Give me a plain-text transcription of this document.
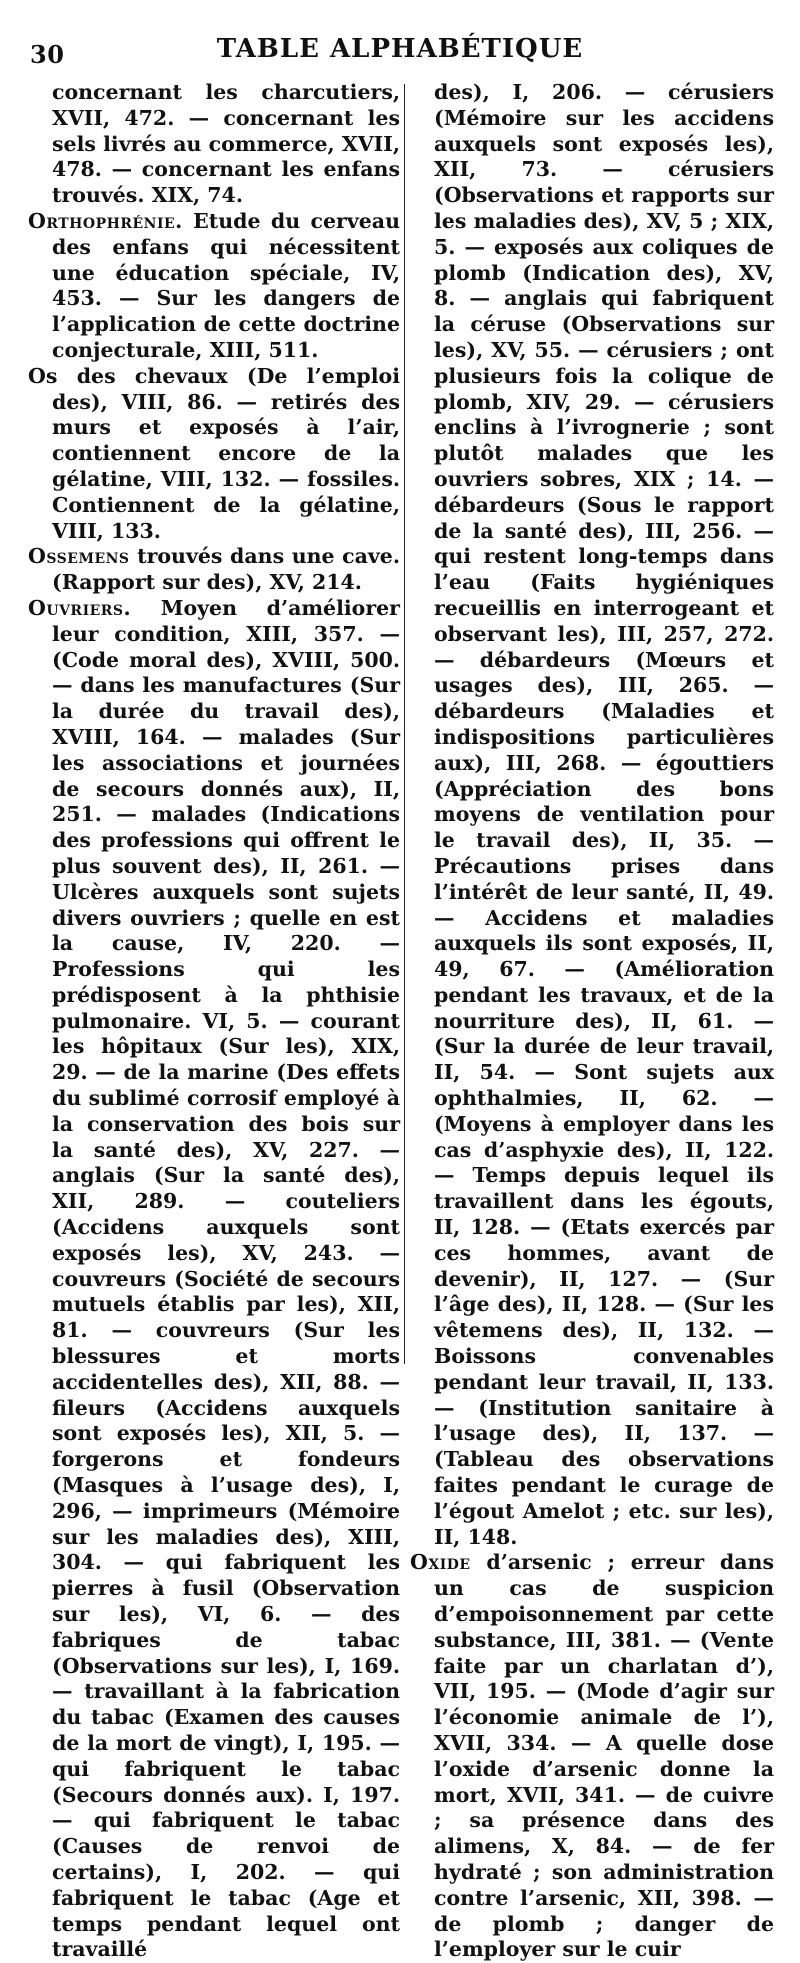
30	TABLE ALPHABÉTIQUE

concernant les charcutiers, XVII, 472. — concernant les sels livrés au commerce, XVII, 478. — concernant les enfans trouvés. XIX, 74.

Orthophrénie. Etude du cerveau des enfans qui nécessitent une éducation spéciale, IV, 453. — Sur les dangers de l’application de cette doctrine conjecturale, XIII, 511.

Os des chevaux (De l’emploi des), VIII, 86. — retirés des murs et exposés à l’air, contiennent encore de la gélatine, VIII, 132. — fossiles. Contiennent de la gélatine, VIII, 133.

Ossemens trouvés dans une cave. (Rapport sur des), XV, 214.

Ouvriers. Moyen d’améliorer leur condition, XIII, 357. — (Code moral des), XVIII, 500. — dans les manufactures (Sur la durée du travail des), XVIII, 164. — malades (Sur les associations et journées de secours donnés aux), II, 251. — malades (Indications des professions qui offrent le plus souvent des), II, 261. — Ulcères auxquels sont sujets divers ouvriers ; quelle en est la cause, IV, 220. — Professions qui les prédisposent à la phthisie pulmonaire. VI, 5. — courant les hôpitaux (Sur les), XIX, 29. — de la marine (Des effets du sublimé corrosif employé à la conservation des bois sur la santé des), XV, 227. — anglais (Sur la santé des), XII, 289. — couteliers (Accidens auxquels sont exposés les), XV, 243. — couvreurs (Société de secours mutuels établis par les), XII, 81. — couvreurs (Sur les blessures et morts accidentelles des), XII, 88. — fileurs (Accidens auxquels sont exposés les), XII, 5. — forgerons et fondeurs (Masques à l’usage des), I, 296, — imprimeurs (Mémoire sur les maladies des), XIII, 304. — qui fabriquent les pierres à fusil (Observation sur les), VI, 6. — des fabriques de tabac (Observations sur les), I, 169. — travaillant à la fabrication du tabac (Examen des causes de la mort de vingt), I, 195. — qui fabriquent le tabac (Secours donnés aux). I, 197. — qui fabriquent le tabac (Causes de renvoi de certains), I, 202. — qui fabriquent le tabac (Age et temps pendant lequel ont travaillé

des), I, 206. — cérusiers (Mémoire sur les accidens auxquels sont exposés les), XII, 73. — cérusiers (Observations et rapports sur les maladies des), XV, 5 ; XIX, 5. — exposés aux coliques de plomb (Indication des), XV, 8. — anglais qui fabriquent la céruse (Observations sur les), XV, 55. — cérusiers ; ont plusieurs fois la colique de plomb, XIV, 29. — cérusiers enclins à l’ivrognerie ; sont plutôt malades que les ouvriers sobres, XIX ; 14. — débardeurs (Sous le rapport de la santé des), III, 256. — qui restent long-temps dans l’eau (Faits hygiéniques recueillis en interrogeant et observant les), III, 257, 272. — débardeurs (Mœurs et usages des), III, 265. — débardeurs (Maladies et indispositions particulières aux), III, 268. — égouttiers (Appréciation des bons moyens de ventilation pour le travail des), II, 35. — Précautions prises dans l’intérêt de leur santé, II, 49. — Accidens et maladies auxquels ils sont exposés, II, 49, 67. — (Amélioration pendant les travaux, et de la nourriture des), II, 61. — (Sur la durée de leur travail, II, 54. — Sont sujets aux ophthalmies, II, 62. — (Moyens à employer dans les cas d’asphyxie des), II, 122. — Temps depuis lequel ils travaillent dans les égouts, II, 128. — (Etats exercés par ces hommes, avant de devenir), II, 127. — (Sur l’âge des), II, 128. — (Sur les vêtemens des), II, 132. — Boissons convenables pendant leur travail, II, 133. — (Institution sanitaire à l’usage des), II, 137. — (Tableau des observations faites pendant le curage de l’égout Amelot ; etc. sur les), II, 148.

Oxide d’arsenic ; erreur dans un cas de suspicion d’empoisonnement par cette substance, III, 381. — (Vente faite par un charlatan d’), VII, 195. — (Mode d’agir sur l’économie animale de l’), XVII, 334. — A quelle dose l’oxide d’arsenic donne la mort, XVII, 341. — de cuivre ; sa présence dans des alimens, X, 84. — de fer hydraté ; son administration contre l’arsenic, XII, 398. — de plomb ; danger de l’employer sur le cuir
